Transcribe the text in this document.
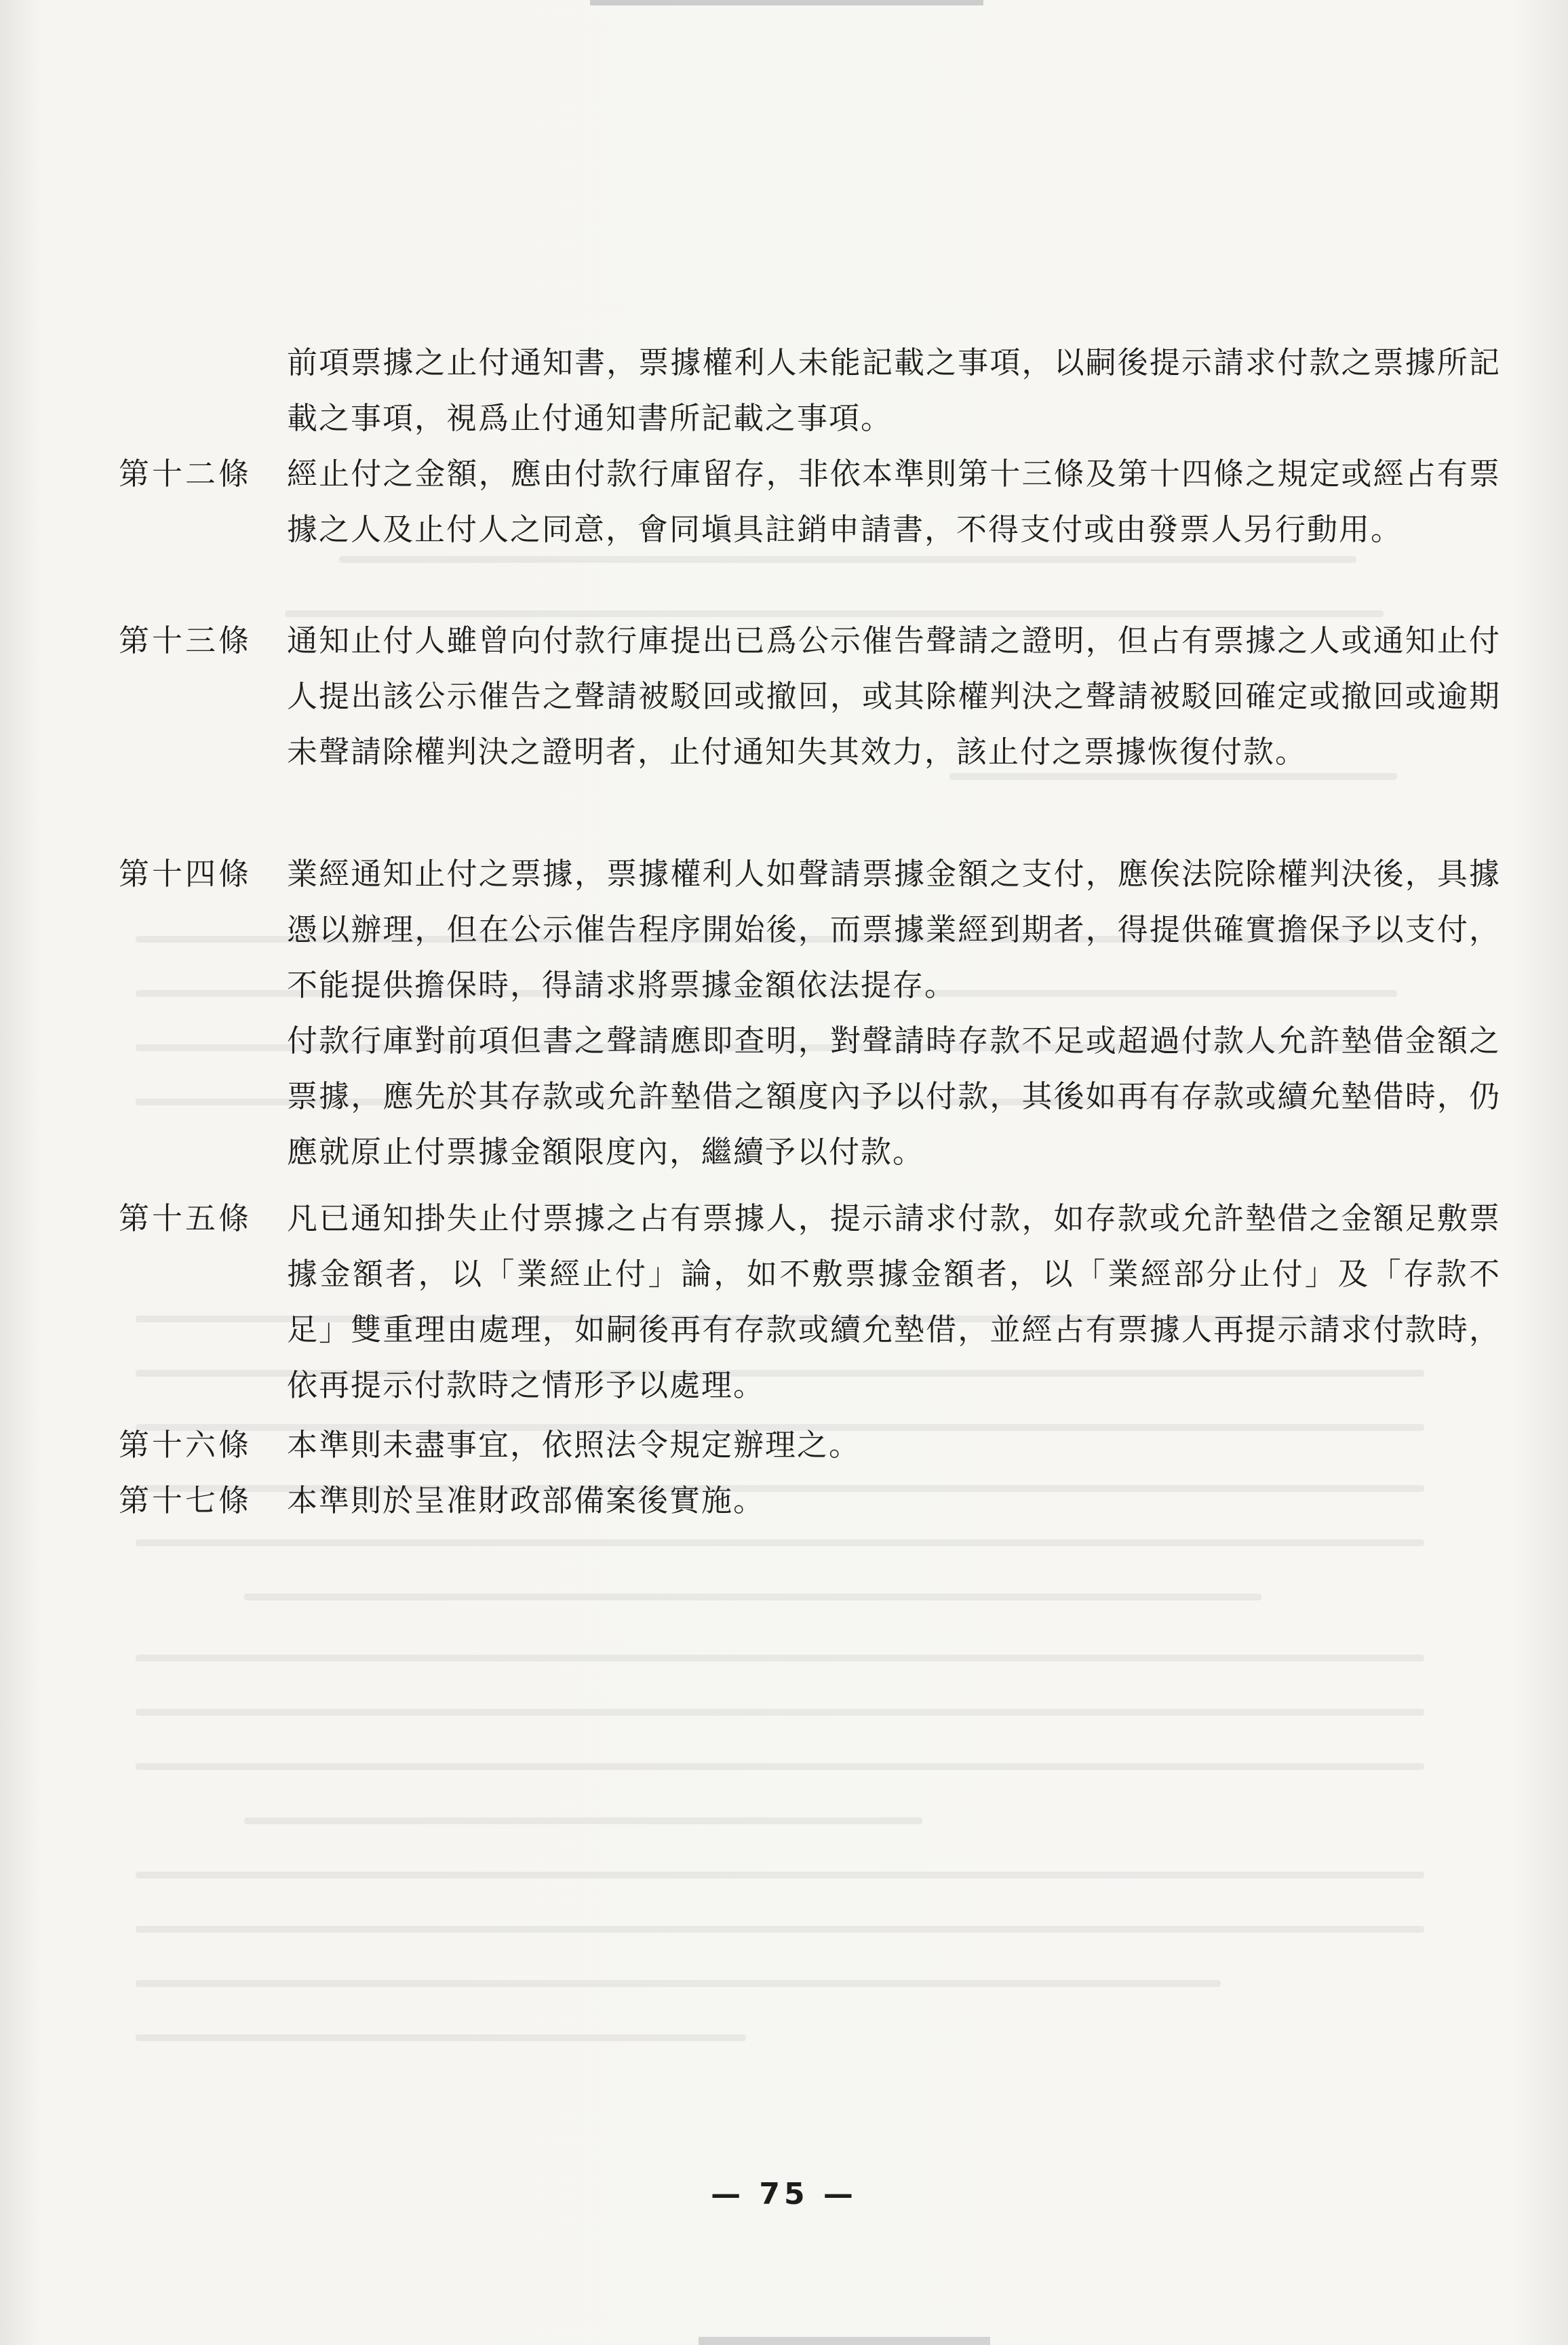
前項票據之止付通知書，票據權利人未能記載之事項，以嗣後提示請求付款之票據所記載之事項，視爲止付通知書所記載之事項。

第十二條	經止付之金額，應由付款行庫留存，非依本準則第十三條及第十四條之規定或經占有票據之人及止付人之同意，會同塡具註銷申請書，不得支付或由發票人另行動用。

第十三條	通知止付人雖曾向付款行庫提出已爲公示催告聲請之證明，但占有票據之人或通知止付人提出該公示催告之聲請被駁回或撤回，或其除權判決之聲請被駁回確定或撤回或逾期未聲請除權判決之證明者，止付通知失其效力，該止付之票據恢復付款。

第十四條	業經通知止付之票據，票據權利人如聲請票據金額之支付，應俟法院除權判決後，具據憑以辦理，但在公示催告程序開始後，而票據業經到期者，得提供確實擔保予以支付，不能提供擔保時，得請求將票據金額依法提存。

付款行庫對前項但書之聲請應即查明，對聲請時存款不足或超過付款人允許墊借金額之票據，應先於其存款或允許墊借之額度內予以付款，其後如再有存款或續允墊借時，仍應就原止付票據金額限度內，繼續予以付款。

第十五條	凡已通知掛失止付票據之占有票據人，提示請求付款，如存款或允許墊借之金額足敷票據金額者，以「業經止付」論，如不敷票據金額者，以「業經部分止付」及「存款不足」雙重理由處理，如嗣後再有存款或續允墊借，並經占有票據人再提示請求付款時，依再提示付款時之情形予以處理。

第十六條	本準則未盡事宜，依照法令規定辦理之。

第十七條	本準則於呈准財政部備案後實施。

— 75 —
